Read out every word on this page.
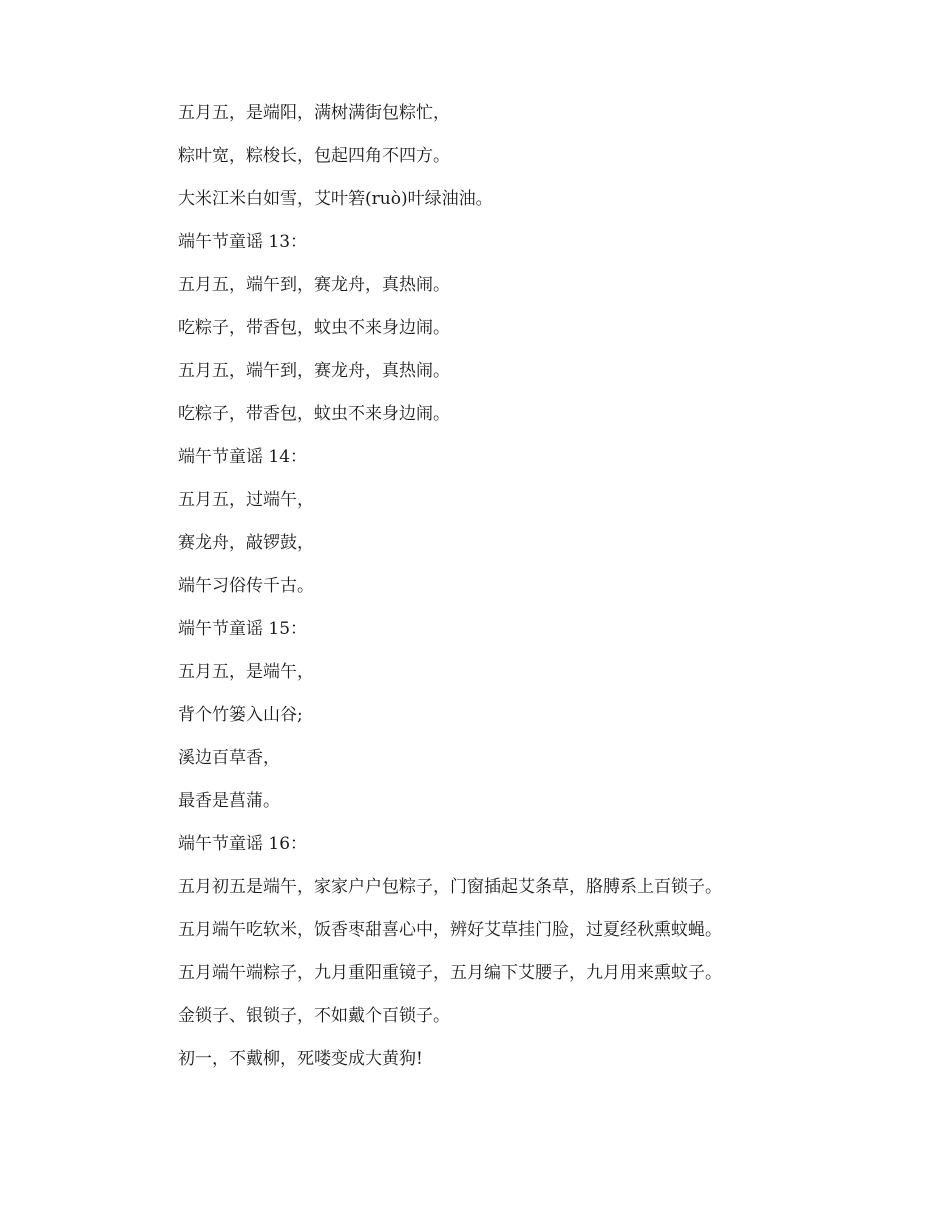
五月五，是端阳，满树满街包粽忙，
粽叶宽，粽梭长，包起四角不四方。
大米江米白如雪，艾叶箬(ruò)叶绿油油。
端午节童谣 13：
五月五，端午到，赛龙舟，真热闹。
吃粽子，带香包，蚊虫不来身边闹。
五月五，端午到，赛龙舟，真热闹。
吃粽子，带香包，蚊虫不来身边闹。
端午节童谣 14：
五月五，过端午，
赛龙舟，敲锣鼓，
端午习俗传千古。
端午节童谣 15：
五月五，是端午，
背个竹篓入山谷;
溪边百草香，
最香是菖蒲。
端午节童谣 16：
五月初五是端午，家家户户包粽子，门窗插起艾条草，胳膊系上百锁子。
五月端午吃软米，饭香枣甜喜心中，辨好艾草挂门脸，过夏经秋熏蚊蝇。
五月端午端粽子，九月重阳重镜子，五月编下艾腰子，九月用来熏蚊子。
金锁子、银锁子，不如戴个百锁子。
初一，不戴柳，死喽变成大黄狗!
